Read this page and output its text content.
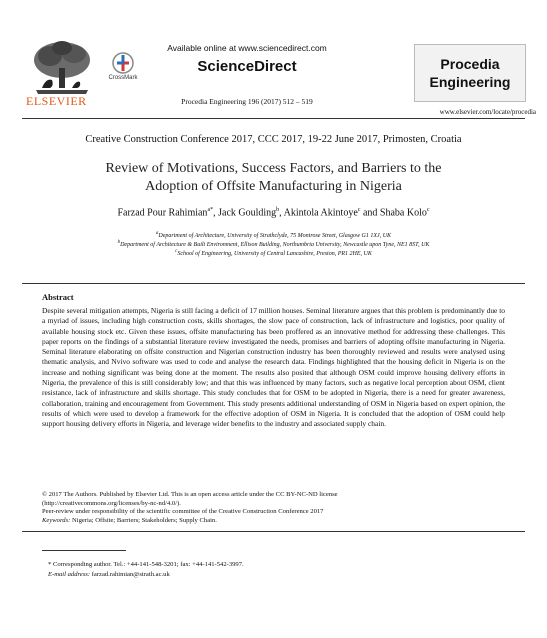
ELSEVIER
CrossMark
Available online at www.sciencedirect.com
ScienceDirect
Procedia Engineering 196 (2017) 512 – 519
Procedia
Engineering
www.elsevier.com/locate/procedia
Creative Construction Conference 2017, CCC 2017, 19-22 June 2017, Primosten, Croatia
Review of Motivations, Success Factors, and Barriers to the
Adoption of Offsite Manufacturing in Nigeria
Farzad Pour Rahimian$^{a*}$, Jack Goulding$^b$, Akintola Akintoye$^c$ and Shaba Kolo$^c$
$^a$Department of Architecture, University of Strathclyde, 75 Montrose Street, Glasgow G1 1XJ, UK
$^b$Department of Architecture & Built Environment, Ellison Building, Northumbria University, Newcastle upon Tyne, NE1 8ST, UK
$^c$School of Engineering, University of Central Lancashire, Preston, PR1 2HE, UK
Abstract
Despite several mitigation attempts, Nigeria is still facing a deficit of 17 million houses. Seminal literature argues that this problem is predominantly due to a myriad of issues, including high construction costs, skills shortages, the slow pace of construction, lack of infrastructure and logistics, poor quality of available housing stock etc. Given these issues, offsite manufacturing has been proffered as an innovative method for addressing these challenges. This paper reports on the findings of a substantial literature review investigated the needs, promises and barriers of adopting offsite manufacturing in Nigeria. Seminal literature elaborating on offsite construction and Nigerian construction industry has been thoroughly reviewed and results were analysed using thematic analysis, and Nvivo software was used to code and analyse the research data. Findings highlighted that the housing deficit in Nigeria is on the increase and nothing significant was being done at the moment. The results also posited that although OSM could improve housing delivery efforts in Nigeria, the prevalence of this is still considerably low; and that this was influenced by many factors, such as negative local perception about OSM, client resistance, lack of infrastructure and skills shortage. This study concludes that for OSM to be adopted in Nigeria, there is a need for greater awareness, collaboration, training and encouragement from Government. This study presents additional understanding of OSM in Nigeria based on expert opinion, the results of which were used to develop a framework for the effective adoption of OSM in Nigeria. It is concluded that the adoption of OSM could help support housing delivery efforts in Nigeria, and leverage wider benefits to the industry and associated supply chain.
© 2017 The Authors. Published by Elsevier Ltd. This is an open access article under the CC BY-NC-ND license
(http://creativecommons.org/licenses/by-nc-nd/4.0/).
Peer-review under responsibility of the scientific committee of the Creative Construction Conference 2017
Keywords: Nigeria; Offsite; Barriers; Stakeholders; Supply Chain.
* Corresponding author. Tel.: +44-141-548-3201; fax: +44-141-542-3997.
E-mail address: farzad.rahimian@strath.ac.uk
